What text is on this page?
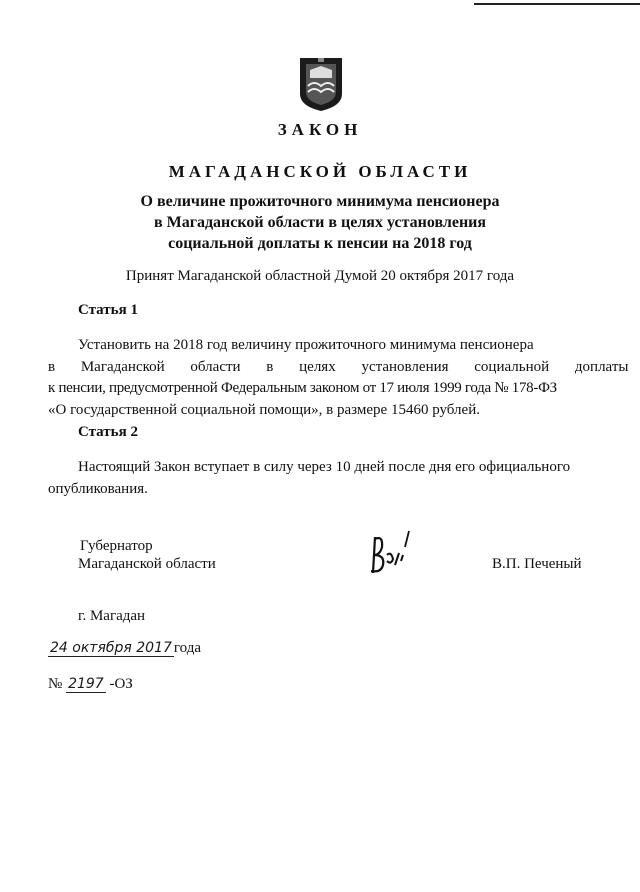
ЗАКОН
МАГАДАНСКОЙ ОБЛАСТИ
О величине прожиточного минимума пенсионера
в Магаданской области в целях установления
социальной доплаты к пенсии на 2018 год
Принят Магаданской областной Думой 20 октября 2017 года
Статья 1
Установить на 2018 год величину прожиточного минимума пенсионера
в Магаданской области в целях установления социальной доплаты
к пенсии, предусмотренной Федеральным законом от 17 июля 1999 года № 178-ФЗ
«О государственной социальной помощи», в размере 15460 рублей.
Статья 2
Настоящий Закон вступает в силу через 10 дней после дня его официального
опубликования.
Губернатор
Магаданской области	В.П. Печеный
г. Магадан
24 октября 2017 года
№ 2197 -ОЗ
